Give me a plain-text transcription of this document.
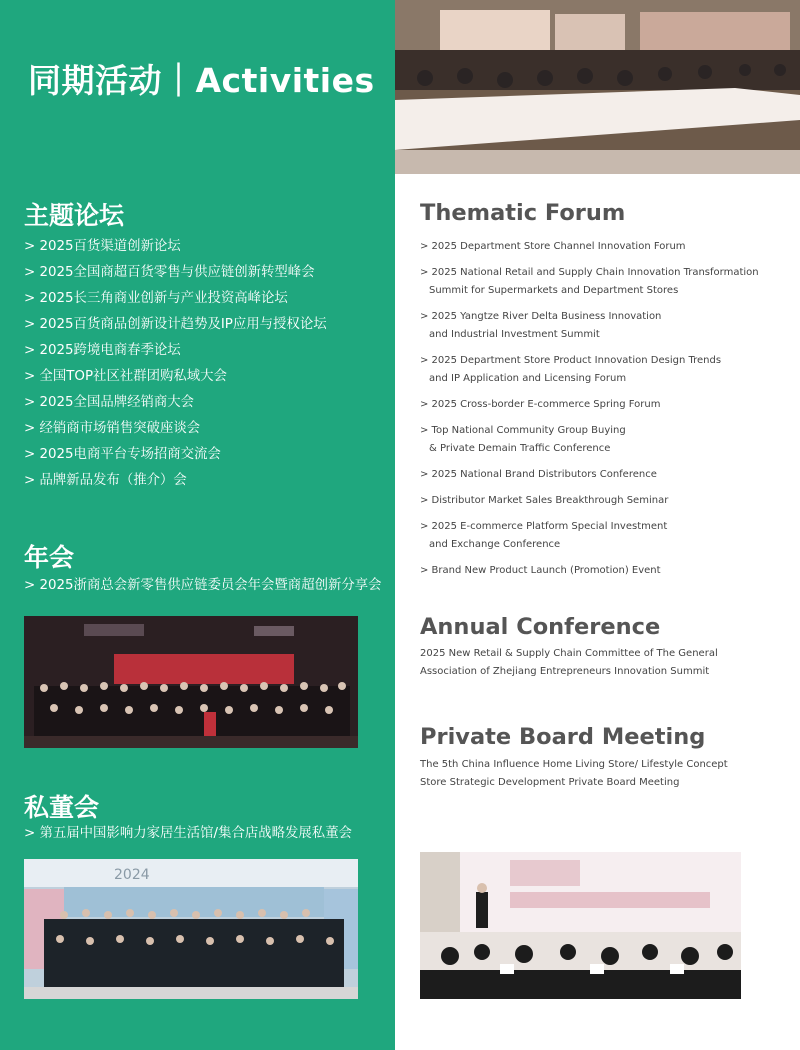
同期活动｜Activities
主题论坛
> 2025百货渠道创新论坛
> 2025全国商超百货零售与供应链创新转型峰会
> 2025长三角商业创新与产业投资高峰论坛
> 2025百货商品创新设计趋势及IP应用与授权论坛
> 2025跨境电商春季论坛
> 全国TOP社区社群团购私域大会
> 2025全国品牌经销商大会
> 经销商市场销售突破座谈会
> 2025电商平台专场招商交流会
> 品牌新品发布（推介）会
年会

> 2025浙商总会新零售供应链委员会年会暨商超创新分享会

私董会

> 第五届中国影响力家居生活馆/集合店战略发展私董会

2024
Thematic Forum
> 2025 Department Store Channel Innovation Forum
> 2025 National Retail and Supply Chain Innovation Transformation
Summit for Supermarkets and Department Stores
> 2025 Yangtze River Delta Business Innovation
and Industrial Investment Summit
> 2025 Department Store Product Innovation Design Trends
and IP Application and Licensing Forum
> 2025 Cross-border E-commerce Spring Forum
> Top National Community Group Buying
& Private Demain Traffic Conference
> 2025 National Brand Distributors Conference
> Distributor Market Sales Breakthrough Seminar
> 2025 E-commerce Platform Special Investment
and Exchange Conference
> Brand New Product Launch (Promotion) Event
Annual Conference

2025 New Retail & Supply Chain Committee of The General
Association of Zhejiang Entrepreneurs Innovation Summit

Private Board Meeting

The 5th China Influence Home Living Store/ Lifestyle Concept
Store Strategic Development Private Board Meeting
